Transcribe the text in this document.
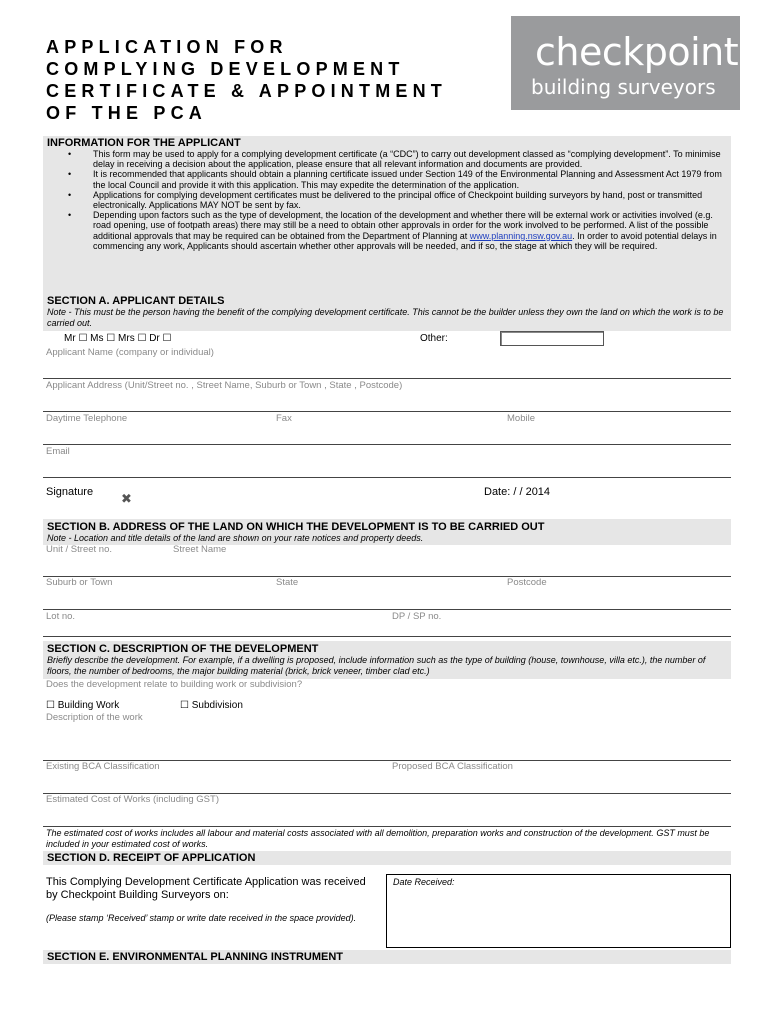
APPLICATION FOR
COMPLYING DEVELOPMENT
CERTIFICATE & APPOINTMENT
OF THE PCA
checkpoint
building surveyors
INFORMATION FOR THE APPLICANT
• This form may be used to apply for a complying development certificate (a “CDC”) to carry out development classed as “complying development”. To minimise delay in receiving a decision about the application, please ensure that all relevant information and documents are provided.
• It is recommended that applicants should obtain a planning certificate issued under Section 149 of the Environmental Planning and Assessment Act 1979 from the local Council and provide it with this application. This may expedite the determination of the application.
• Applications for complying development certificates must be delivered to the principal office of Checkpoint building surveyors by hand, post or transmitted electronically. Applications MAY NOT be sent by fax.
• Depending upon factors such as the type of development, the location of the development and whether there will be external work or activities involved (e.g. road opening, use of footpath areas) there may still be a need to obtain other approvals in order for the work involved to be performed. A list of the possible additional approvals that may be required can be obtained from the Department of Planning at www.planning.nsw.gov.au. In order to avoid potential delays in commencing any work, Applicants should ascertain whether other approvals will be needed, and if so, the stage at which they will be required.
SECTION A. APPLICANT DETAILS
Note - This must be the person having the benefit of the complying development certificate. This cannot be the builder unless they own the land on which the work is to be carried out.
Mr ☐ Ms ☐ Mrs ☐ Dr ☐	Other:
Applicant Name (company or individual)
Applicant Address (Unit/Street no. , Street Name, Suburb or Town , State , Postcode)
Daytime Telephone	Fax	Mobile
Email
Signature ✖	Date: / / 2014
SECTION B. ADDRESS OF THE LAND ON WHICH THE DEVELOPMENT IS TO BE CARRIED OUT
Note - Location and title details of the land are shown on your rate notices and property deeds.
Unit / Street no.	Street Name
Suburb or Town	State	Postcode
Lot no.	DP / SP no.
SECTION C. DESCRIPTION OF THE DEVELOPMENT
Briefly describe the development. For example, if a dwelling is proposed, include information such as the type of building (house, townhouse, villa etc.), the number of floors, the number of bedrooms, the major building material (brick, brick veneer, timber clad etc.)
Does the development relate to building work or subdivision?
☐ Building Work	☐ Subdivision
Description of the work
Existing BCA Classification	Proposed BCA Classification
Estimated Cost of Works (including GST)
The estimated cost of works includes all labour and material costs associated with all demolition, preparation works and construction of the development. GST must be included in your estimated cost of works.
SECTION D. RECEIPT OF APPLICATION
This Complying Development Certificate Application was received by Checkpoint Building Surveyors on:
(Please stamp ‘Received’ stamp or write date received in the space provided).
Date Received:
SECTION E. ENVIRONMENTAL PLANNING INSTRUMENT
